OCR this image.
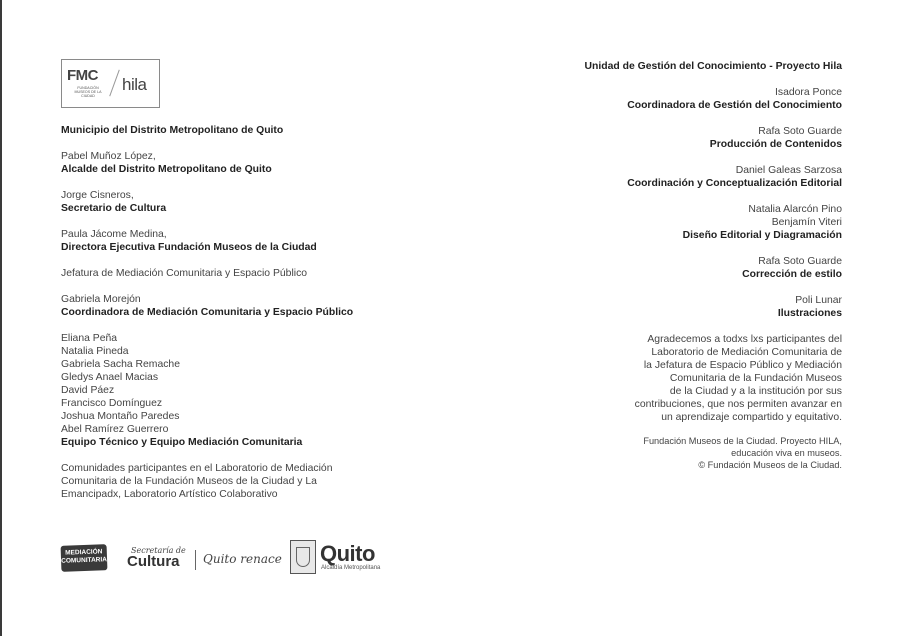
FMC
FUNDACIÓN MUSEOS DE LA CIUDAD
hila

Municipio del Distrito Metropolitano de Quito

Pabel Muñoz López,

Alcalde del Distrito Metropolitano de Quito

Jorge Cisneros,

Secretario de Cultura

Paula Jácome Medina,

Directora Ejecutiva Fundación Museos de la Ciudad

Jefatura de Mediación Comunitaria y Espacio Público

Gabriela Morejón

Coordinadora de Mediación Comunitaria y Espacio Público

Eliana Peña

Natalia Pineda

Gabriela Sacha Remache

Gledys Anael Macias

David Páez

Francisco Domínguez

Joshua Montaño Paredes

Abel Ramírez Guerrero

Equipo Técnico y Equipo Mediación Comunitaria

Comunidades participantes en el Laboratorio de Mediación

Comunitaria de la Fundación Museos de la Ciudad y La

Emancipadx, Laboratorio Artístico Colaborativo

Unidad de Gestión del Conocimiento - Proyecto Hila

Isadora Ponce

Coordinadora de Gestión del Conocimiento

Rafa Soto Guarde

Producción de Contenidos

Daniel Galeas Sarzosa

Coordinación y Conceptualización Editorial

Natalia Alarcón Pino

Benjamín Viteri

Diseño Editorial y Diagramación

Rafa Soto Guarde

Corrección de estilo

Poli Lunar

Ilustraciones

Agradecemos a todxs lxs participantes del

Laboratorio de Mediación Comunitaria de

la Jefatura de Espacio Público y Mediación

Comunitaria de la Fundación Museos

de la Ciudad y a la institución por sus

contribuciones, que nos permiten avanzar en

un aprendizaje compartido y equitativo.

Fundación Museos de la Ciudad. Proyecto HILA,

educación viva en museos.

© Fundación Museos de la Ciudad.

MEDIACIÓN COMUNITARIA
Secretaría de
Cultura Quito renace Quito
Alcaldía Metropolitana
